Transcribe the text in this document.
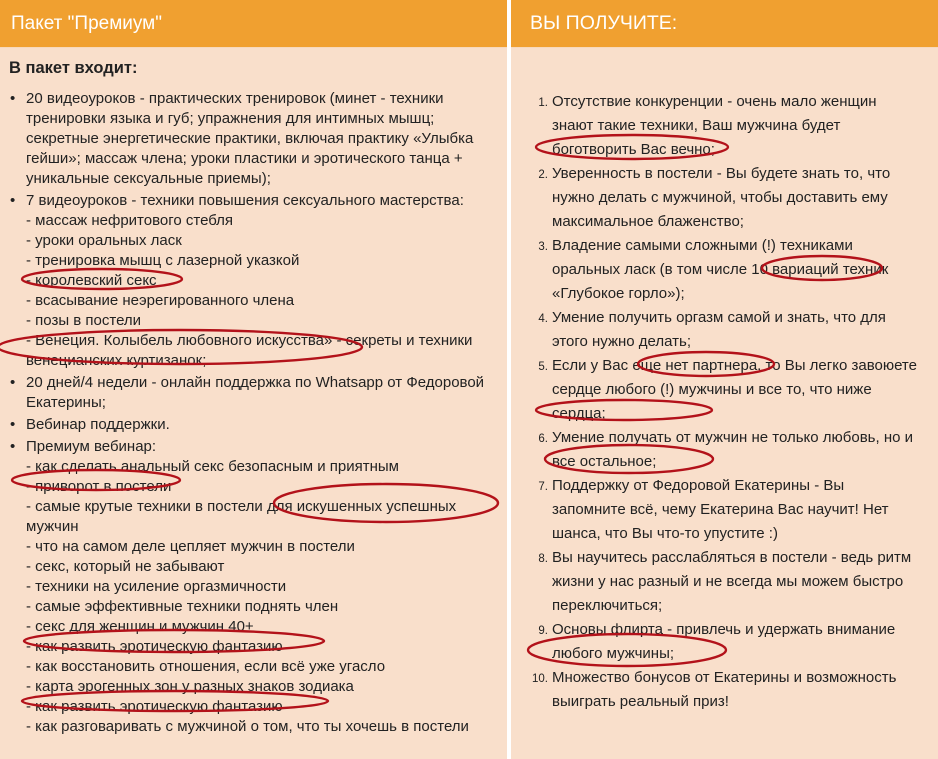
Пакет "Премиум"	ВЫ ПОЛУЧИТЕ:

В пакет входит:

• 20 видеоуроков - практических тренировок (минет - техники тренировки языка и губ; упражнения для интимных мышц; секретные энергетические практики, включая практику «Улыбка гейши»; массаж члена; уроки пластики и эротического танца + уникальные сексуальные приемы);
• 7 видеоуроков - техники повышения сексуального мастерства:
- массаж нефритового стебля
- уроки оральных ласк
- тренировка мышц с лазерной указкой
- королевский секс
- всасывание неэрегированного члена
- позы в постели
- Венеция. Колыбель любовного искусства» - секреты и техники венецианских куртизанок;
• 20 дней/4 недели - онлайн поддержка по Whatsapp от Федоровой Екатерины;
• Вебинар поддержки.
• Премиум вебинар:
- как сделать анальный секс безопасным и приятным
- приворот в постели
- самые крутые техники в постели для искушенных успешных мужчин
- что на самом деле цепляет мужчин в постели
- секс, который не забывают
- техники на усиление оргазмичности
- самые эффективные техники поднять член
- секс для женщин и мужчин 40+
- как развить эротическую фантазию
- как восстановить отношения, если всё уже угасло
- карта эрогенных зон у разных знаков зодиака
- как развить эротическую фантазию
- как разговаривать с мужчиной о том, что ты хочешь в постели
1. Отсутствие конкуренции - очень мало женщин знают такие техники, Ваш мужчина будет боготворить Вас вечно;
2. Уверенность в постели - Вы будете знать то, что нужно делать с мужчиной, чтобы доставить ему максимальное блаженство;
3. Владение самыми сложными (!) техниками оральных ласк (в том числе 10 вариаций техник «Глубокое горло»);
4. Умение получить оргазм самой и знать, что для этого нужно делать;
5. Если у Вас еще нет партнера, то Вы легко завоюете сердце любого (!) мужчины и все то, что ниже сердца;
6. Умение получать от мужчин не только любовь, но и все остальное;
7. Поддержку от Федоровой Екатерины - Вы запомните всё, чему Екатерина Вас научит! Нет шанса, что Вы что-то упустите :)
8. Вы научитесь расслабляться в постели - ведь ритм жизни у нас разный и не всегда мы можем быстро переключиться;
9. Основы флирта - привлечь и удержать внимание любого мужчины;
10. Множество бонусов от Екатерины и возможность выиграть реальный приз!
